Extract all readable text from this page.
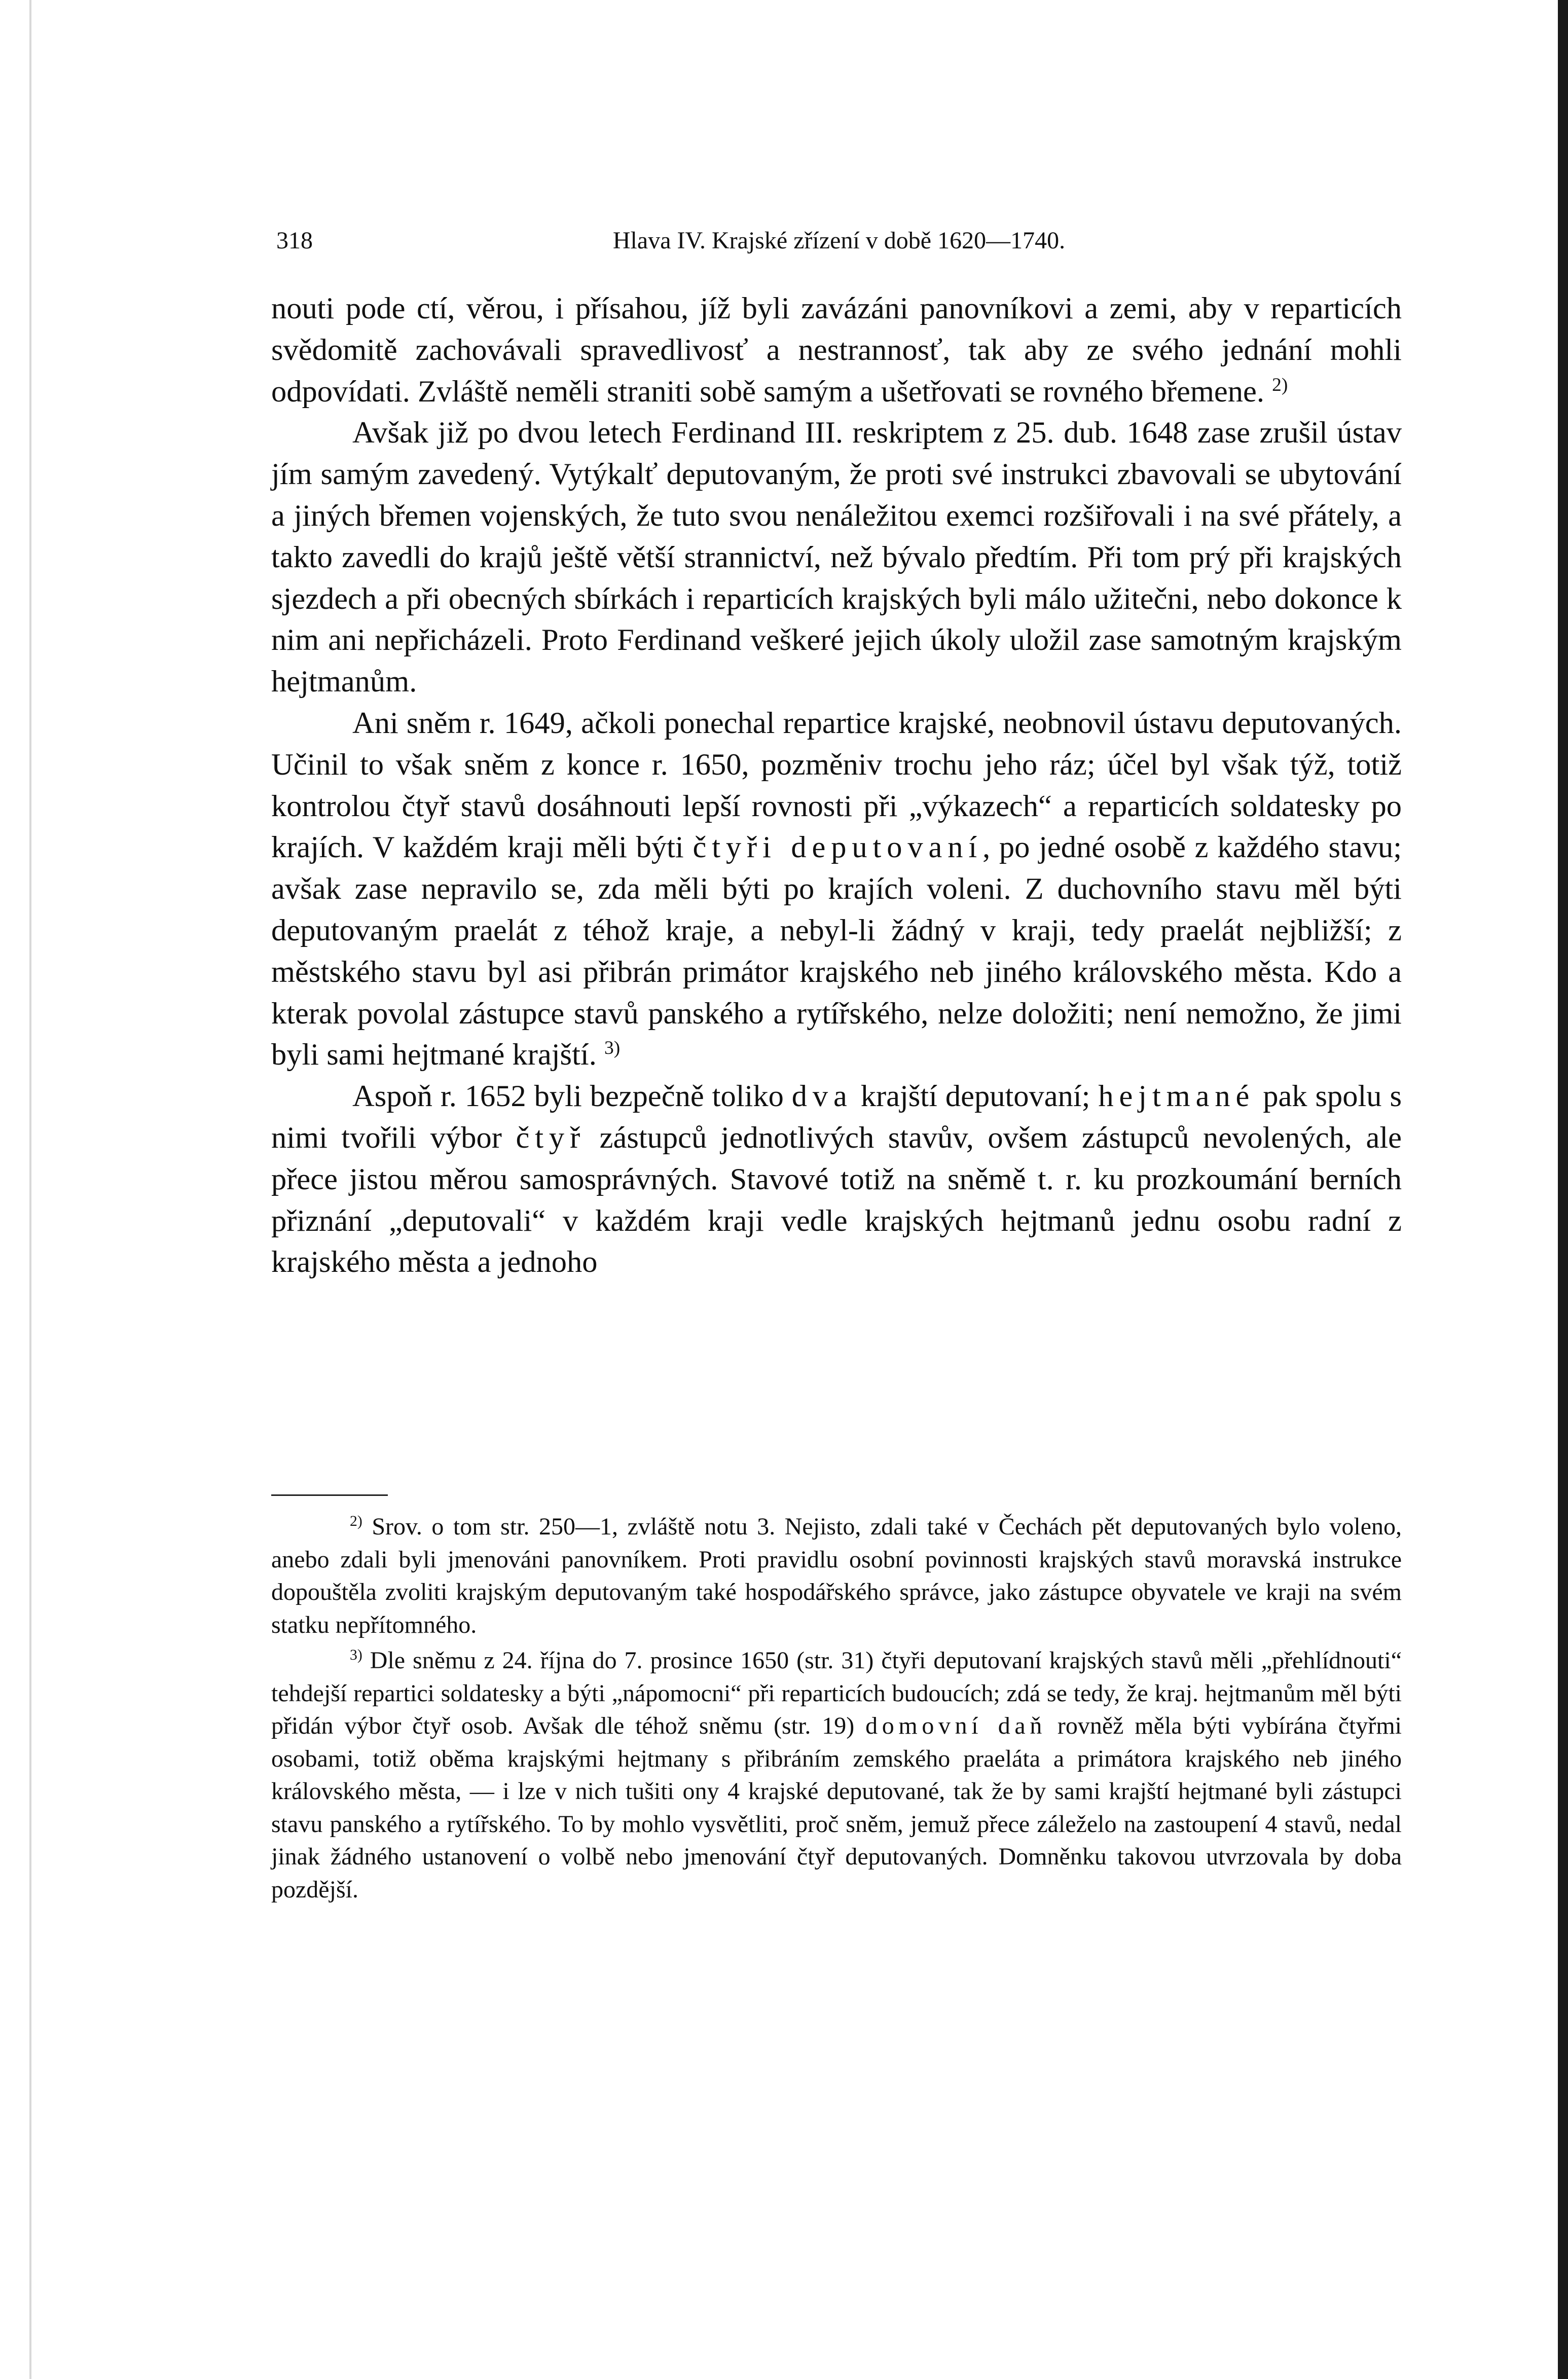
318	Hlava IV. Krajské zřízení v době 1620—1740.

nouti pode ctí, věrou, i přísahou, jíž byli zavázáni panovníkovi a zemi, aby v reparticích svědomitě zachovávali spravedlivosť a nestrannosť, tak aby ze svého jednání mohli odpovídati. Zvláště neměli straniti sobě samým a ušetřovati se rovného břemene. $^{2)}$

Avšak již po dvou letech Ferdinand III. reskriptem z 25. dub. 1648 zase zrušil ústav jím samým zavedený. Vytýkalť deputovaným, že proti své instrukci zbavovali se ubytování a jiných břemen vojenských, že tuto svou nenáležitou exemci rozšiřovali i na své přátely, a takto zavedli do krajů ještě větší strannictví, než bývalo předtím. Při tom prý při krajských sjezdech a při obecných sbírkách i reparticích krajských byli málo užitečni, nebo dokonce k nim ani nepřicházeli. Proto Ferdinand veškeré jejich úkoly uložil zase samotným krajským hejtmanům.

Ani sněm r. 1649, ačkoli ponechal repartice krajské, neobnovil ústavu deputovaných. Učinil to však sněm z konce r. 1650, pozměniv trochu jeho ráz; účel byl však týž, totiž kontrolou čtyř stavů dosáhnouti lepší rovnosti při „výkazech“ a reparticích soldatesky po krajích. V každém kraji měli býti čtyři deputovaní, po jedné osobě z každého stavu; avšak zase nepravilo se, zda měli býti po krajích voleni. Z duchovního stavu měl býti deputovaným praelát z téhož kraje, a nebyl-li žádný v kraji, tedy praelát nejbližší; z městského stavu byl asi přibrán primátor krajského neb jiného královského města. Kdo a kterak povolal zástupce stavů panského a rytířského, nelze doložiti; není nemožno, že jimi byli sami hejtmané krajští. $^{3)}$

Aspoň r. 1652 byli bezpečně toliko dva krajští deputovaní; hejtmané pak spolu s nimi tvořili výbor čtyř zástupců jednotlivých stavův, ovšem zástupců nevolených, ale přece jistou měrou samosprávných. Stavové totiž na sněmě t. r. ku prozkoumání berních přiznání „deputovali“ v každém kraji vedle krajských hejtmanů jednu osobu radní z krajského města a jednoho

$^{2)}$ Srov. o tom str. 250—1, zvláště notu 3. Nejisto, zdali také v Čechách pět deputovaných bylo voleno, anebo zdali byli jmenováni panovníkem. Proti pravidlu osobní povinnosti krajských stavů moravská instrukce dopouštěla zvoliti krajským deputovaným také hospodářského správce, jako zástupce obyvatele ve kraji na svém statku nepřítomného.

$^{3)}$ Dle sněmu z 24. října do 7. prosince 1650 (str. 31) čtyři deputovaní krajských stavů měli „přehlídnouti“ tehdejší repartici soldatesky a býti „nápomocni“ při reparticích budoucích; zdá se tedy, že kraj. hejtmanům měl býti přidán výbor čtyř osob. Avšak dle téhož sněmu (str. 19) domovní daň rovněž měla býti vybírána čtyřmi osobami, totiž oběma krajskými hejtmany s přibráním zemského praeláta a primátora krajského neb jiného královského města, — i lze v nich tušiti ony 4 krajské deputované, tak že by sami krajští hejtmané byli zástupci stavu panského a rytířského. To by mohlo vysvětliti, proč sněm, jemuž přece záleželo na zastoupení 4 stavů, nedal jinak žádného ustanovení o volbě nebo jmenování čtyř deputovaných. Domněnku takovou utvrzovala by doba pozdější.
